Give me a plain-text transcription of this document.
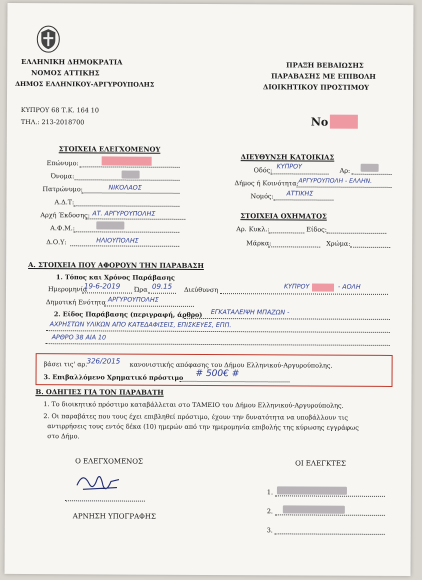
ΕΛΛΗΝΙΚΗ ΔΗΜΟΚΡΑΤΙΑ
ΝΟΜΟΣ ΑΤΤΙΚΗΣ
ΔΗΜΟΣ ΕΛΛΗΝΙΚΟΥ-ΑΡΓΥΡΟΥΠΟΛΗΣ
ΚΥΠΡΟΥ 68 Τ.Κ. 164 10
ΤΗΛ.: 213-2018700
ΠΡΑΞΗ ΒΕΒΑΙΩΣΗΣ
ΠΑΡΑΒΑΣΗΣ ΜΕ ΕΠΙΒΟΛΗ
ΔΙΟΙΚΗΤΙΚΟΥ ΠΡΟΣΤΙΜΟΥ
No
ΣΤΟΙΧΕΙΑ ΕΛΕΓΧΟΜΕΝΟΥ
Επώνυμο:
Όνομα:
Πατρώνυμο:	ΝΙΚΟΛΑΟΣ
Α.Δ.Τ:
Αρχή Έκδοσης: ΑΤ. ΑΡΓΥΡΟΥΠΟΛΗΣ
Α.Φ.Μ.:
Δ.Ο.Υ:	ΗΛΙΟΥΠΟΛΗΣ
ΔΙΕΥΘΥΝΣΗ ΚΑΤΟΙΚΙΑΣ
Οδός: ΚΥΠΡΟΥ	Αρ:
Δήμος ή Κοινότητα: ΑΡΓΥΡΟΥΠΟΛΗ - ΕΛΛΗΝ.
Νομός: ΑΤΤΙΚΗΣ
ΣΤΟΙΧΕΙΑ ΟΧΗΜΑΤΟΣ
Αρ. Κυκλ.:	Είδος:
Μάρκα:	Χρώμα:
Α. ΣΤΟΙΧΕΙΑ ΠΟΥ ΑΦΟΡΟΥΝ ΤΗΝ ΠΑΡΑΒΑΣΗ
1. Τόπος και Χρόνος Παράβασης
Ημερομηνία
19-6-2019 Ώρα 09.15 Διεύθυνση	ΚΥΠΡΟΥ	- ΑΟΛΗ
Δημοτική Ενότητα ΑΡΓΥΡΟΥΠΟΛΗΣ
2. Είδος Παράβασης (περιγραφή, άρθρο) ΕΓΚΑΤΑΛΕΙΨΗ ΜΠΑΖΩΝ -
ΑΧΡΗΣΤΩΝ ΥΛΙΚΩΝ ΑΠΟ ΚΑΤΕΔΑΦΙΣΕΙΣ, ΕΠΙΣΚΕΥΕΣ, ΕΠΠ.
ΑΡΘΡΟ 38 ΑΙΑ 10
βάσει τις' αρ. 326/2015 κανονιστικής απόφασης του Δήμου Ελληνικού-Αργυρούπολης.
3. Επιβαλλόμενο Χρηματικό πρόστιμο # 500€ #
Β. ΟΔΗΓΙΕΣ ΓΙΑ ΤΟΝ ΠΑΡΑΒΑΤΗ
1. Το διοικητικό πρόστιμο καταβάλλεται στο ΤΑΜΕΙΟ του Δήμου Ελληνικού-Αργυρούπολης.
2. Οι παραβάτες που τους έχει επιβληθεί πρόστιμο, έχουν την δυνατότητα να υποβάλλουν τις
αντιρρήσεις τους εντός δέκα (10) ημερών από την ημερομηνία επιβολής της κύρωσης εγγράφως
στο Δήμο.
Ο ΕΛΕΓΧΟΜΕΝΟΣ
ΑΡΝΗΣΗ ΥΠΟΓΡΑΦΗΣ
ΟΙ ΕΛΕΓΚΤΕΣ
1.
2.
3.
